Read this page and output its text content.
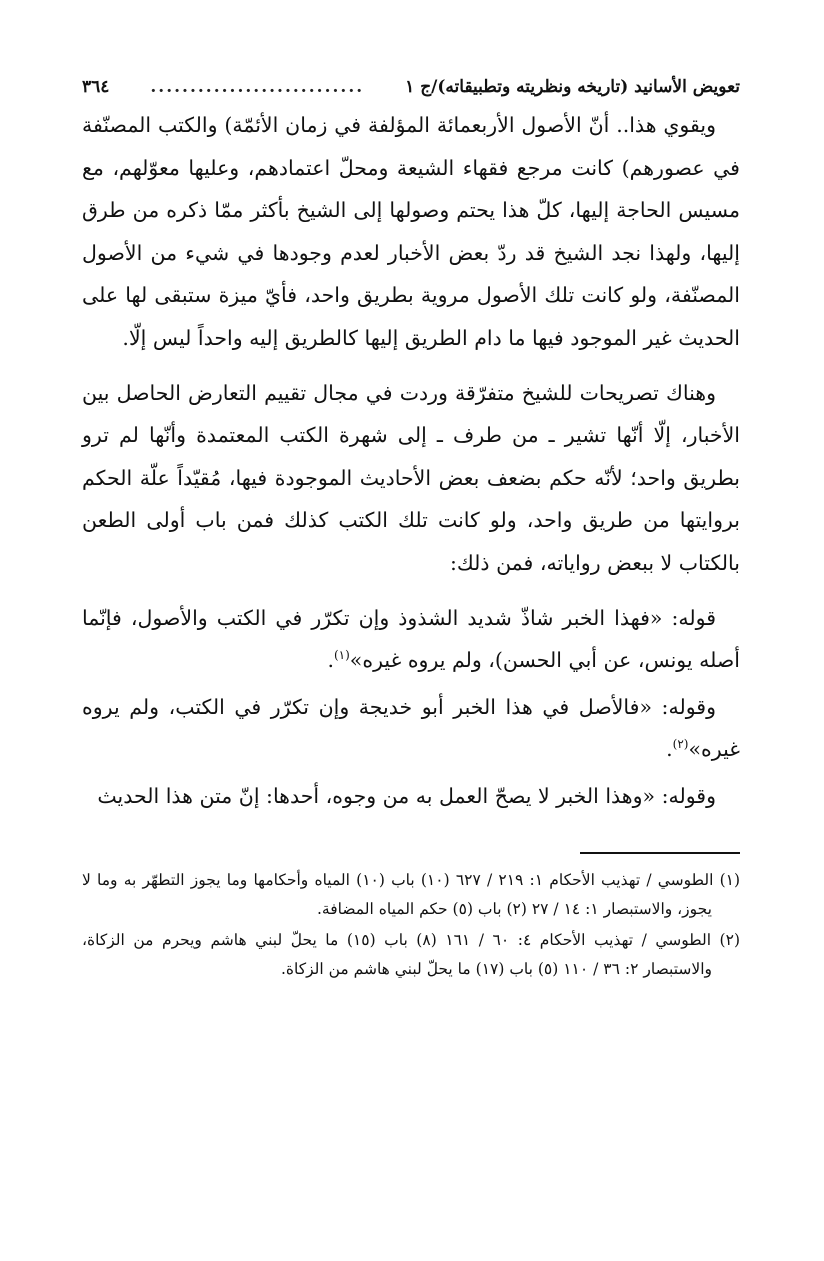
تعويض الأسانيد (تاريخه ونظريته وتطبيقاته)/ج ١
...........................
٣٦٤

ويقوي هذا.. أنّ الأصول الأربعمائة المؤلفة في زمان الأئمّة) والكتب المصنّفة في عصورهم) كانت مرجع فقهاء الشيعة ومحلّ اعتمادهم، وعليها معوّلهم، مع مسيس الحاجة إليها، كلّ هذا يحتم وصولها إلى الشيخ بأكثر ممّا ذكره من طرق إليها، ولهذا نجد الشيخ قد ردّ بعض الأخبار لعدم وجودها في شيء من الأصول المصنّفة، ولو كانت تلك الأصول مروية بطريق واحد، فأيّ ميزة ستبقى لها على الحديث غير الموجود فيها ما دام الطريق إليها كالطريق إليه واحداً ليس إلّا.

وهناك تصريحات للشيخ متفرّقة وردت في مجال تقييم التعارض الحاصل بين الأخبار، إلّا أنّها تشير ـ من طرف ـ إلى شهرة الكتب المعتمدة وأنّها لم ترو بطريق واحد؛ لأنّه حكم بضعف بعض الأحاديث الموجودة فيها، مُقيّداً علّة الحكم بروايتها من طريق واحد، ولو كانت تلك الكتب كذلك فمن باب أولى الطعن بالكتاب لا ببعض رواياته، فمن ذلك:

قوله: «فهذا الخبر شاذّ شديد الشذوذ وإن تكرّر في الكتب والأصول، فإنّما أصله يونس، عن أبي الحسن)، ولم يروه غيره»$^{(١)}$.

وقوله: «فالأصل في هذا الخبر أبو خديجة وإن تكرّر في الكتب، ولم يروه غيره»$^{(٢)}$.

وقوله: «وهذا الخبر لا يصحّ العمل به من وجوه، أحدها: إنّ متن هذا الحديث

(١) الطوسي / تهذيب الأحكام ١: ٢١٩ / ٦٢٧ (١٠) باب (١٠) المياه وأحكامها وما يجوز التطهّر به وما لا يجوز، والاستبصار ١: ١٤ / ٢٧ (٢) باب (٥) حكم المياه المضافة.

(٢) الطوسي / تهذيب الأحكام ٤: ٦٠ / ١٦١ (٨) باب (١٥) ما يحلّ لبني هاشم ويحرم من الزكاة، والاستبصار ٢: ٣٦ / ١١٠ (٥) باب (١٧) ما يحلّ لبني هاشم من الزكاة.
